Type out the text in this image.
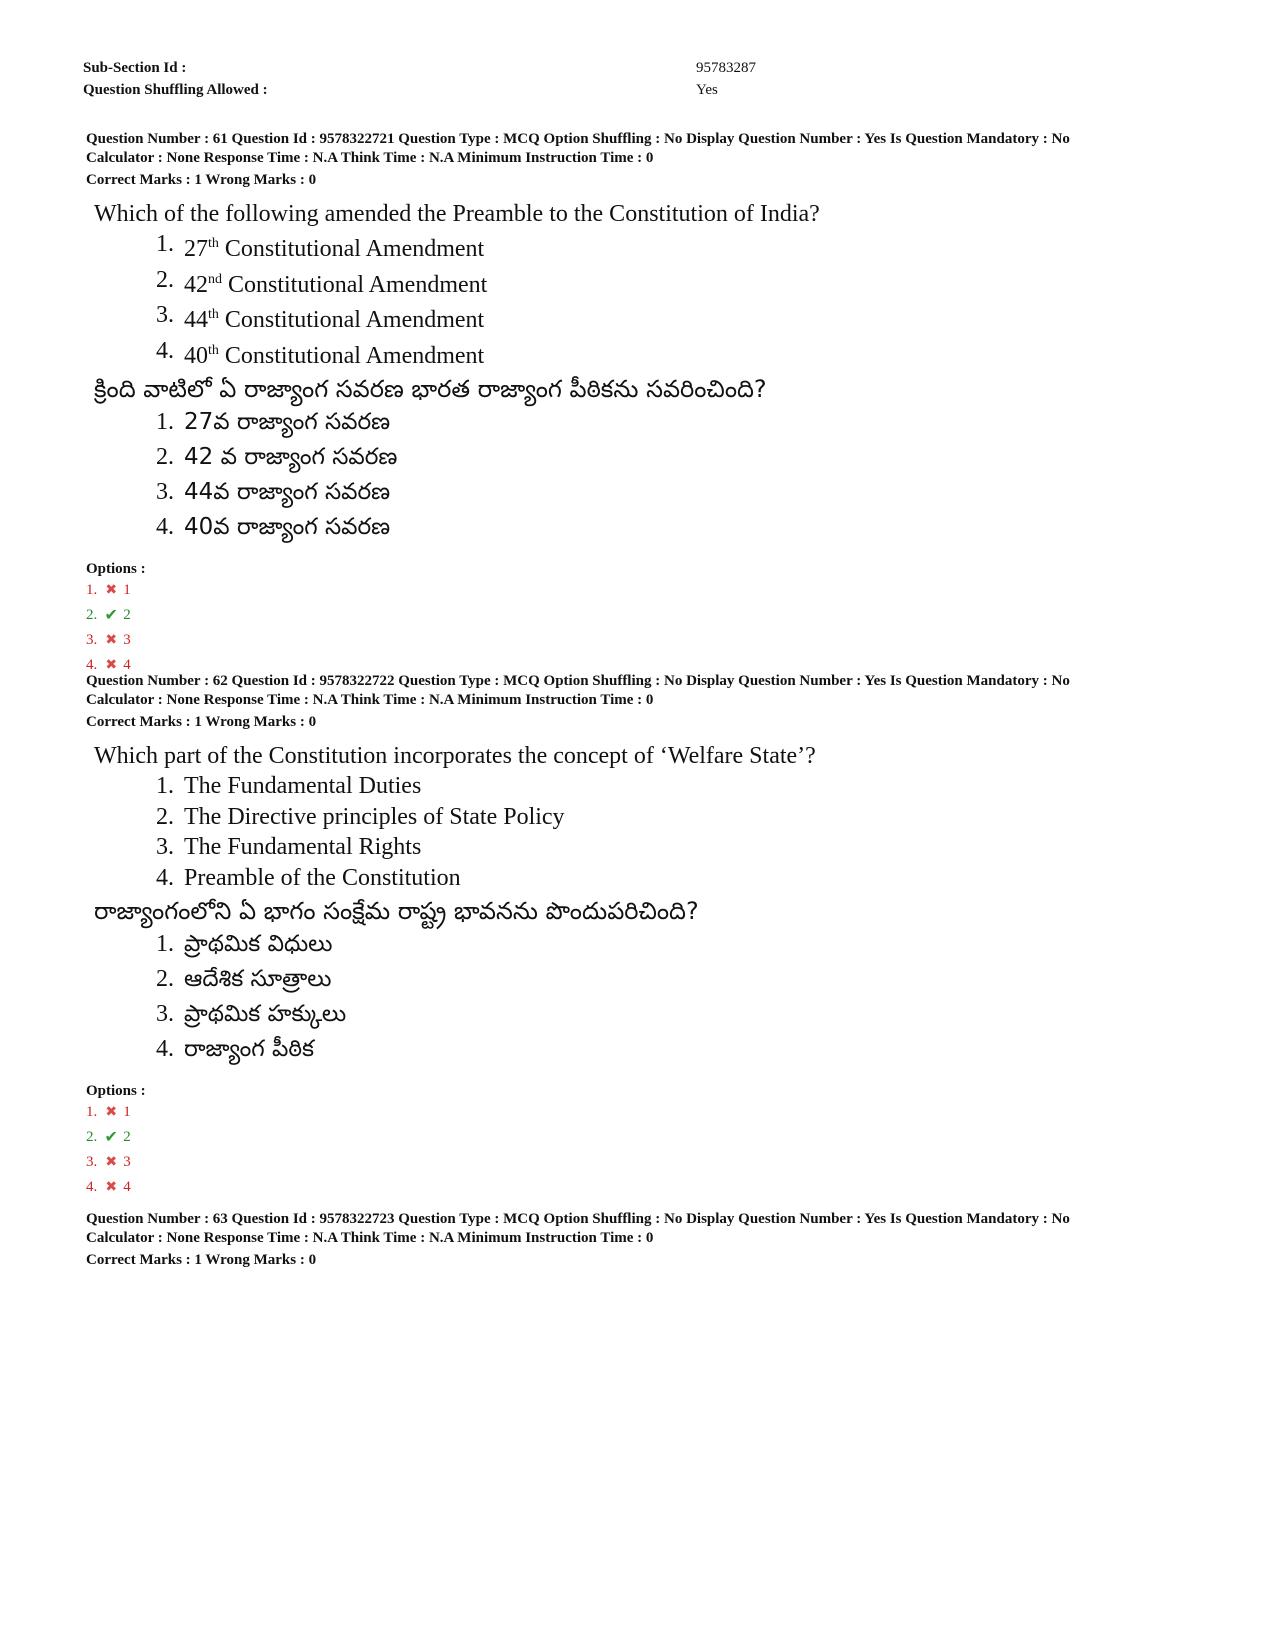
Sub-Section Id :	95783287
Question Shuffling Allowed :	Yes
Question Number : 61 Question Id : 9578322721 Question Type : MCQ Option Shuffling : No Display Question Number : Yes Is Question Mandatory : No
Calculator : None Response Time : N.A Think Time : N.A Minimum Instruction Time : 0
Correct Marks : 1 Wrong Marks : 0
Which of the following amended the Preamble to the Constitution of India?
1. 27th Constitutional Amendment
2. 42nd Constitutional Amendment
3. 44th Constitutional Amendment
4. 40th Constitutional Amendment
క్రింది వాటిలో ఏ రాజ్యాంగ సవరణ భారత రాజ్యాంగ పీఠికను సవరించింది?
1. 27వ రాజ్యాంగ సవరణ
2. 42 వ రాజ్యాంగ సవరణ
3. 44వ రాజ్యాంగ సవరణ
4. 40వ రాజ్యాంగ సవరణ
Options :
1. ✖ 1
2. ✔ 2
3. ✖ 3
4. ✖ 4
Question Number : 62 Question Id : 9578322722 Question Type : MCQ Option Shuffling : No Display Question Number : Yes Is Question Mandatory : No
Calculator : None Response Time : N.A Think Time : N.A Minimum Instruction Time : 0
Correct Marks : 1 Wrong Marks : 0
Which part of the Constitution incorporates the concept of ‘Welfare State’?
1. The Fundamental Duties
2. The Directive principles of State Policy
3. The Fundamental Rights
4. Preamble of the Constitution
రాజ్యాంగంలోని ఏ భాగం సంక్షేమ రాష్ట్ర భావనను పొందుపరిచింది?
1. ప్రాథమిక విధులు
2. ఆదేశిక సూత్రాలు
3. ప్రాథమిక హక్కులు
4. రాజ్యాంగ పీఠిక
Options :
1. ✖ 1
2. ✔ 2
3. ✖ 3
4. ✖ 4
Question Number : 63 Question Id : 9578322723 Question Type : MCQ Option Shuffling : No Display Question Number : Yes Is Question Mandatory : No
Calculator : None Response Time : N.A Think Time : N.A Minimum Instruction Time : 0
Correct Marks : 1 Wrong Marks : 0
